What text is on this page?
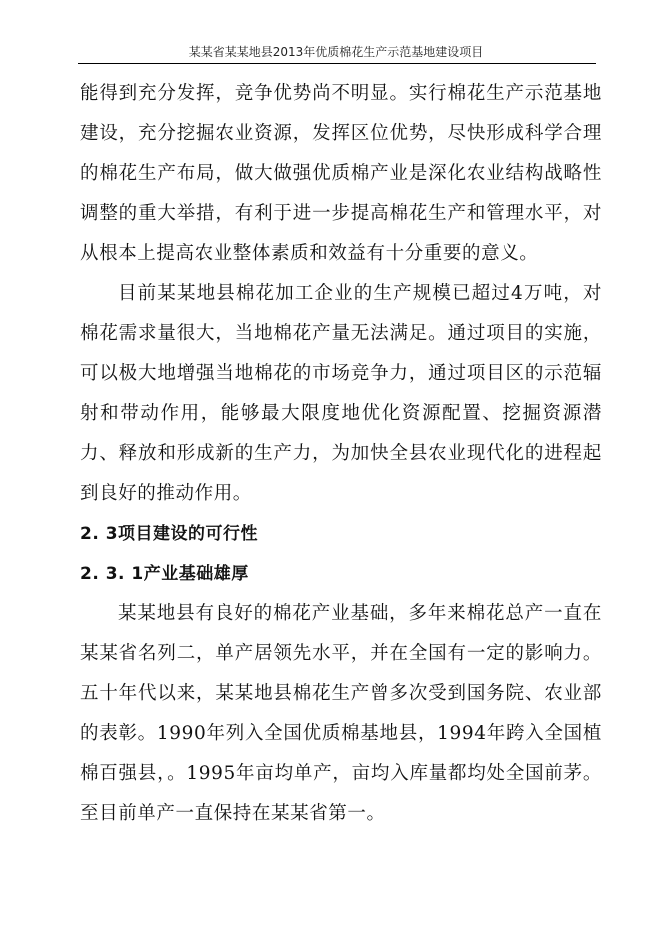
某某省某某地县2013年优质棉花生产示范基地建设项目

能得到充分发挥，竞争优势尚不明显。实行棉花生产示范基地建设，充分挖掘农业资源，发挥区位优势，尽快形成科学合理的棉花生产布局，做大做强优质棉产业是深化农业结构战略性调整的重大举措，有利于进一步提高棉花生产和管理水平，对从根本上提高农业整体素质和效益有十分重要的意义。

目前某某地县棉花加工企业的生产规模已超过4万吨，对棉花需求量很大，当地棉花产量无法满足。通过项目的实施，可以极大地增强当地棉花的市场竞争力，通过项目区的示范辐射和带动作用，能够最大限度地优化资源配置、挖掘资源潜力、释放和形成新的生产力，为加快全县农业现代化的进程起到良好的推动作用。

2. 3项目建设的可行性
2. 3. 1产业基础雄厚

某某地县有良好的棉花产业基础，多年来棉花总产一直在某某省名列二，单产居领先水平，并在全国有一定的影响力。五十年代以来，某某地县棉花生产曾多次受到国务院、农业部的表彰。1990年列入全国优质棉基地县，1994年跨入全国植棉百强县，。1995年亩均单产，亩均入库量都均处全国前茅。至目前单产一直保持在某某省第一。
